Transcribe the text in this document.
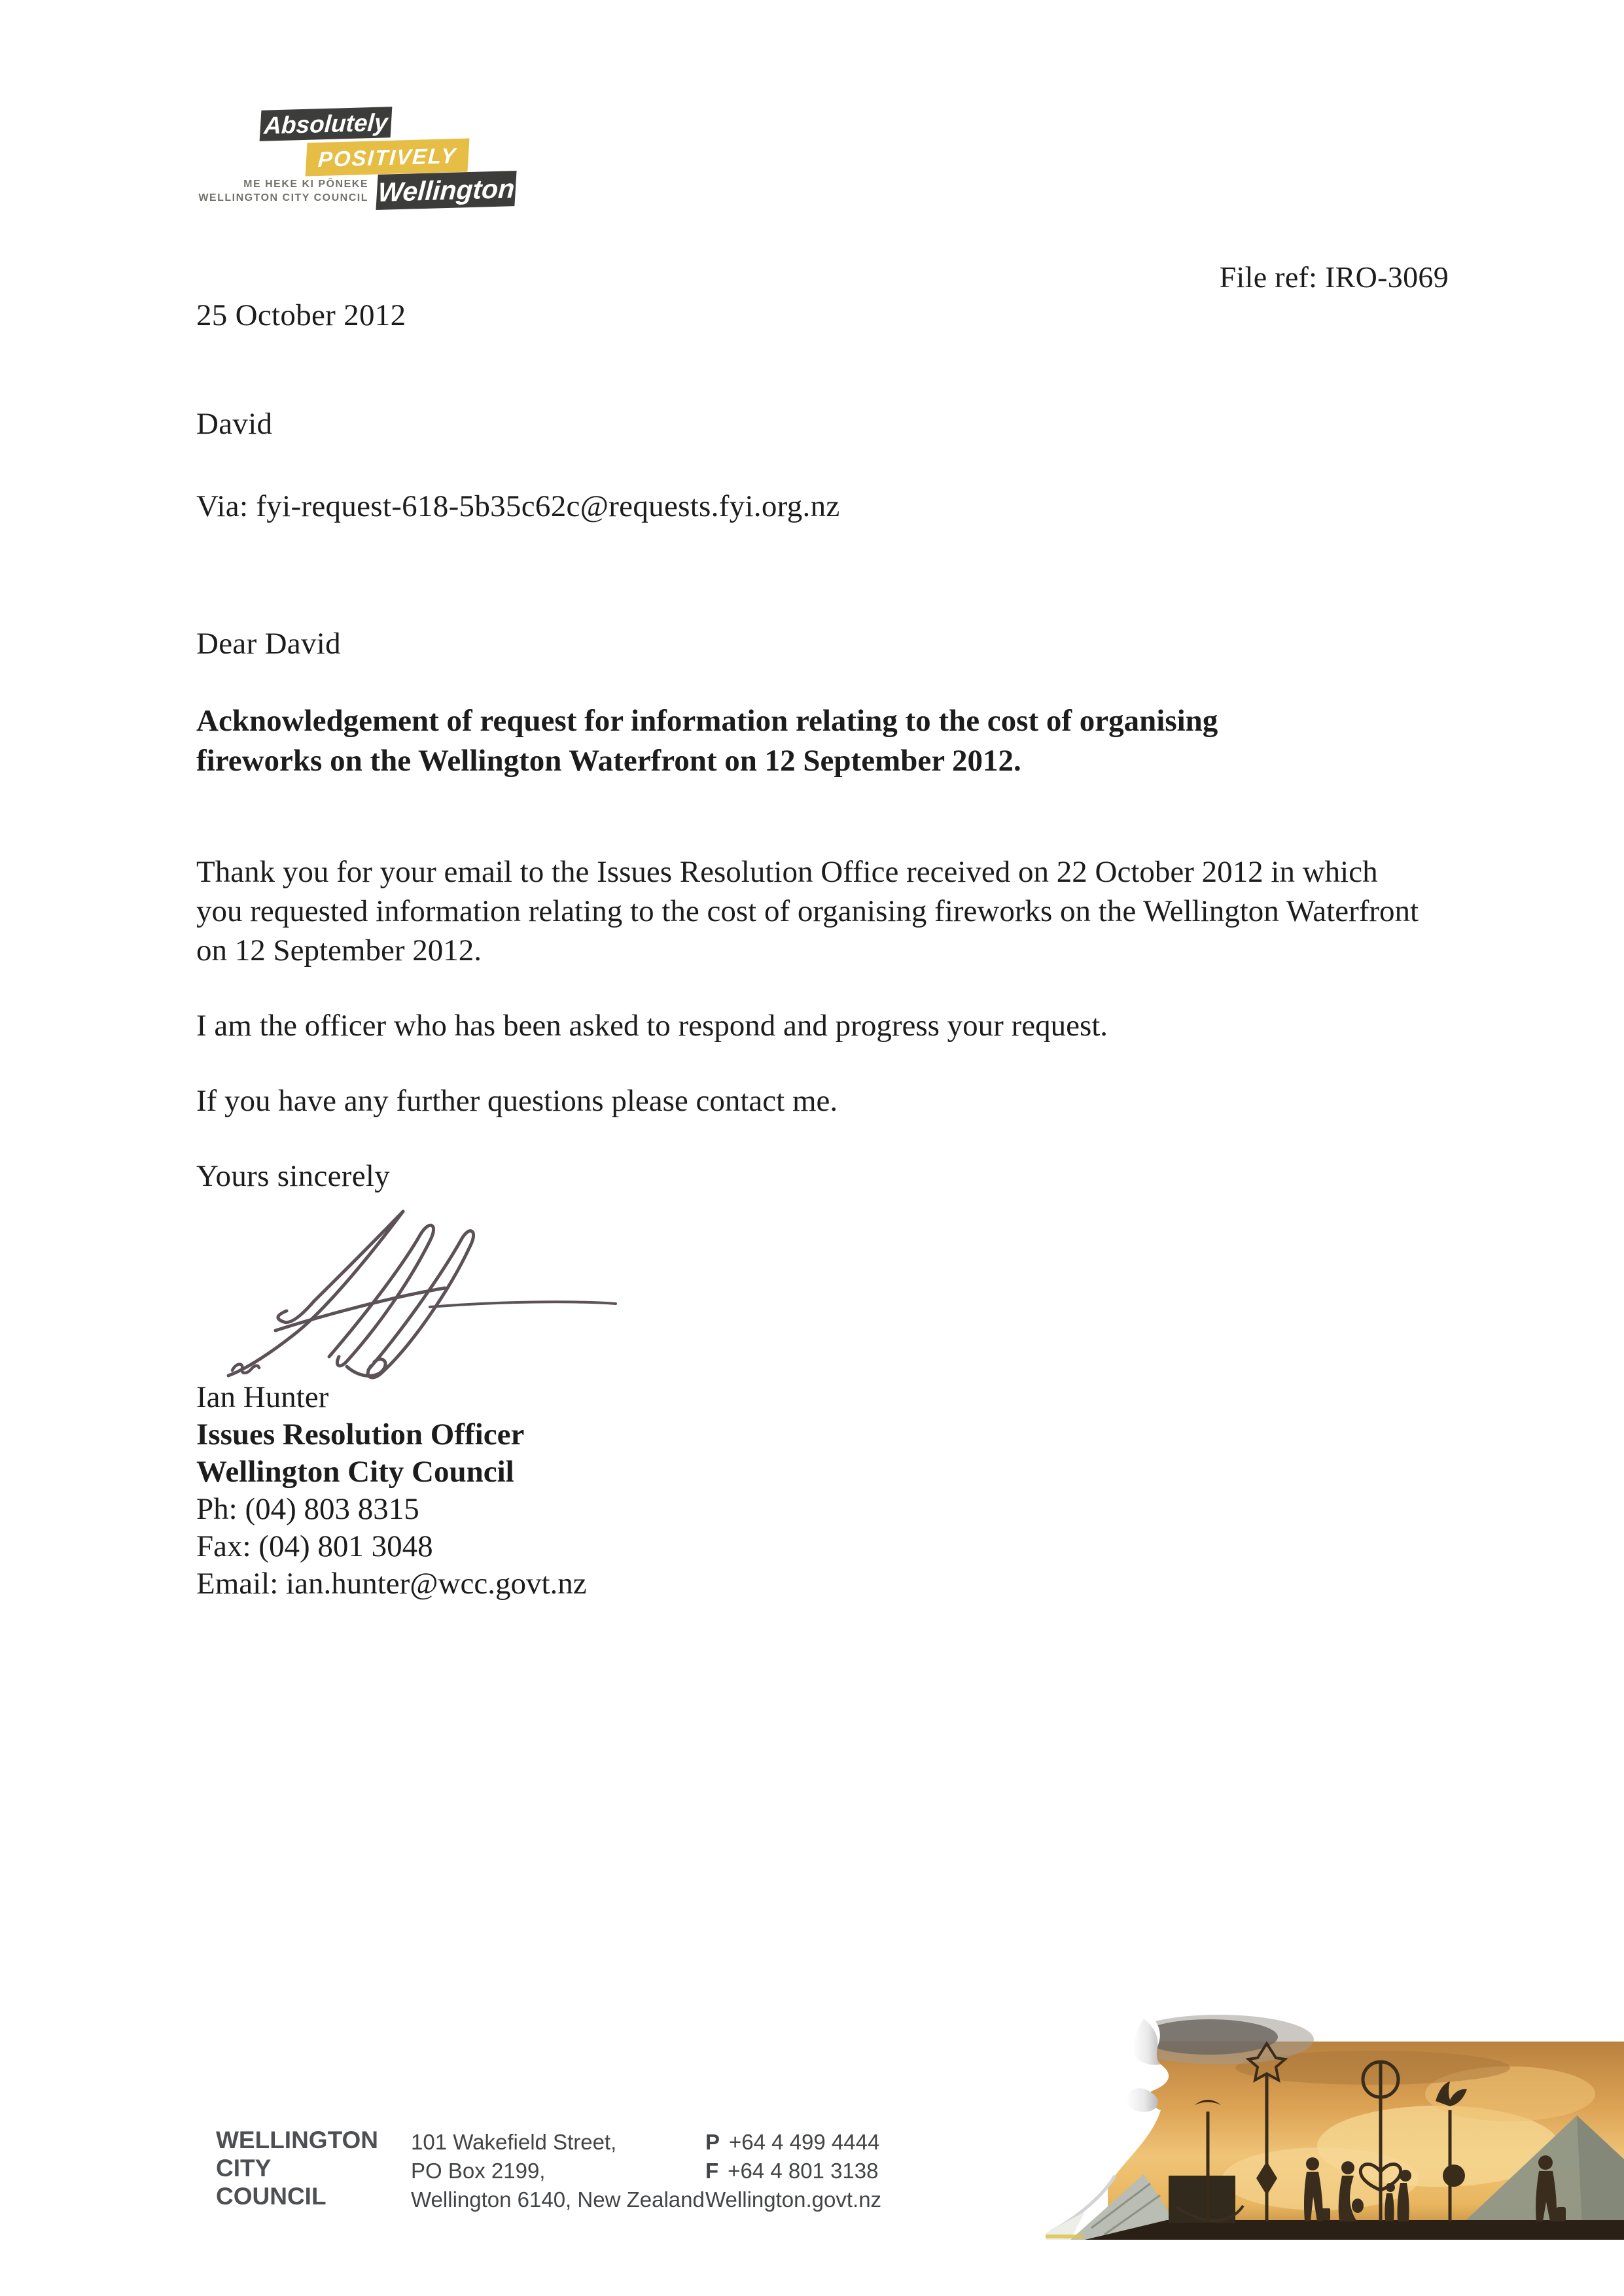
Absolutely
POSITIVELY
Wellington
ME HEKE KI PŌNEKE
WELLINGTON CITY COUNCIL
File ref: IRO-3069
25 October 2012
David
Via: fyi-request-618-5b35c62c@requests.fyi.org.nz
Dear David
Acknowledgement of request for information relating to the cost of organising fireworks on the Wellington Waterfront on 12 September 2012.
Thank you for your email to the Issues Resolution Office received on 22 October 2012 in which you requested information relating to the cost of organising fireworks on the Wellington Waterfront on 12 September 2012.
I am the officer who has been asked to respond and progress your request.
If you have any further questions please contact me.
Yours sincerely
Ian Hunter
Issues Resolution Officer
Wellington City Council
Ph: (04) 803 8315
Fax: (04) 801 3048
Email: ian.hunter@wcc.govt.nz
WELLINGTON
CITY
COUNCIL
101 Wakefield Street,
PO Box 2199,
Wellington 6140, New Zealand
P +64 4 499 4444
F +64 4 801 3138
Wellington.govt.nz
